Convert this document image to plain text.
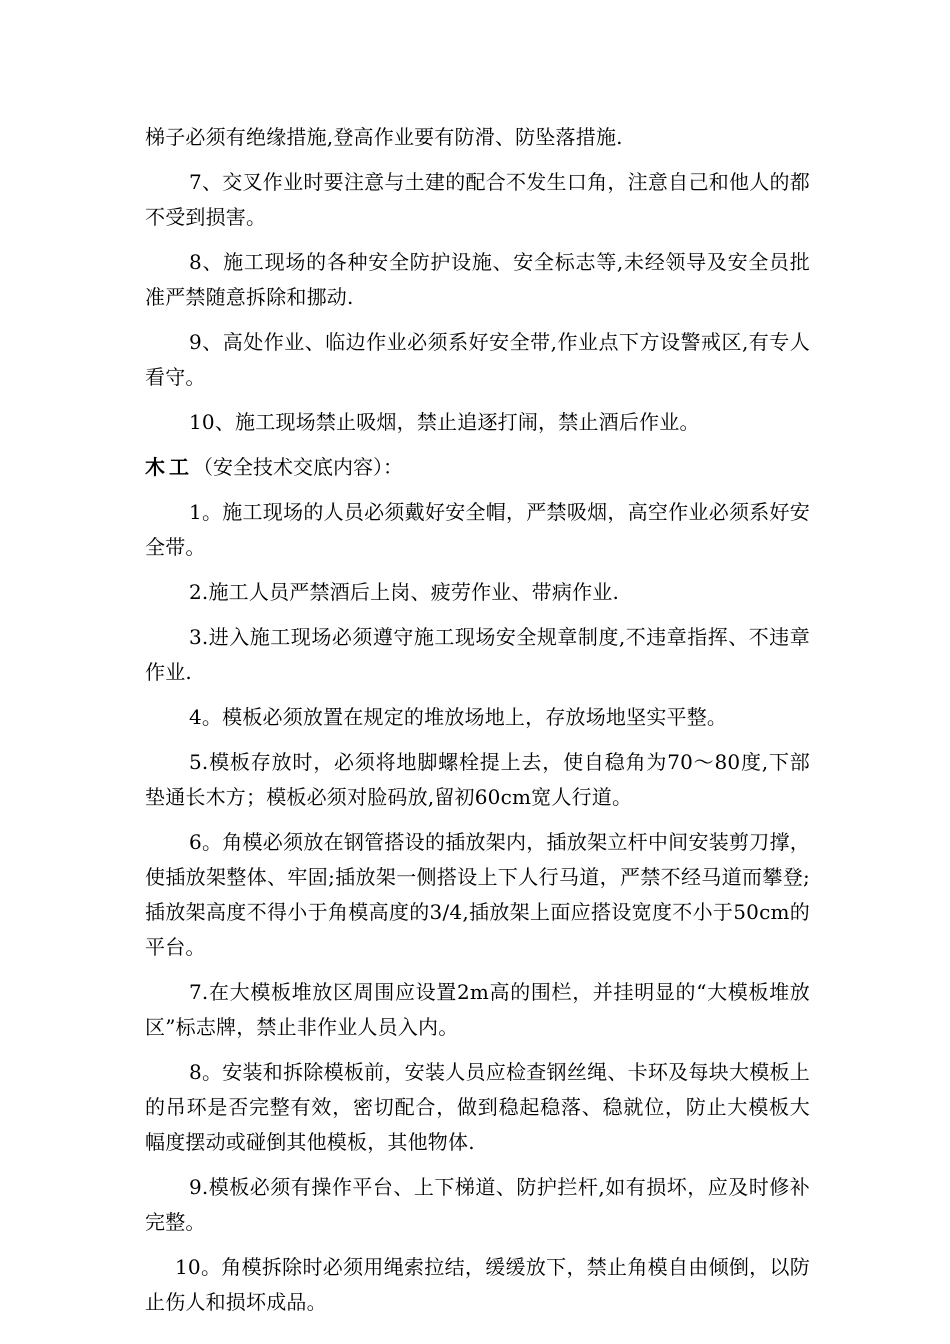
梯子必须有绝缘措施,登高作业要有防滑、防坠落措施.

7、交叉作业时要注意与土建的配合不发生口角，注意自己和他人的都不受到损害。

8、施工现场的各种安全防护设施、安全标志等,未经领导及安全员批准严禁随意拆除和挪动.

9、高处作业、临边作业必须系好安全带,作业点下方设警戒区,有专人看守。

10、施工现场禁止吸烟，禁止追逐打闹，禁止酒后作业。

木工（安全技术交底内容）：

1。施工现场的人员必须戴好安全帽，严禁吸烟，高空作业必须系好安全带。

2.施工人员严禁酒后上岗、疲劳作业、带病作业.

3.进入施工现场必须遵守施工现场安全规章制度,不违章指挥、不违章作业.

4。模板必须放置在规定的堆放场地上，存放场地坚实平整。

5.模板存放时，必须将地脚螺栓提上去，使自稳角为70～80度,下部垫通长木方；模板必须对脸码放,留初60cm宽人行道。

6。角模必须放在钢管搭设的插放架内，插放架立杆中间安装剪刀撑，使插放架整体、牢固;插放架一侧搭设上下人行马道，严禁不经马道而攀登;插放架高度不得小于角模高度的3/4,插放架上面应搭设宽度不小于50cm的平台。

7.在大模板堆放区周围应设置2m高的围栏，并挂明显的“大模板堆放区”标志牌，禁止非作业人员入内。

8。安装和拆除模板前，安装人员应检查钢丝绳、卡环及每块大模板上的吊环是否完整有效，密切配合，做到稳起稳落、稳就位，防止大模板大幅度摆动或碰倒其他模板，其他物体.

9.模板必须有操作平台、上下梯道、防护拦杆,如有损坏，应及时修补完整。

10。角模拆除时必须用绳索拉结，缓缓放下，禁止角模自由倾倒，以防止伤人和损坏成品。
